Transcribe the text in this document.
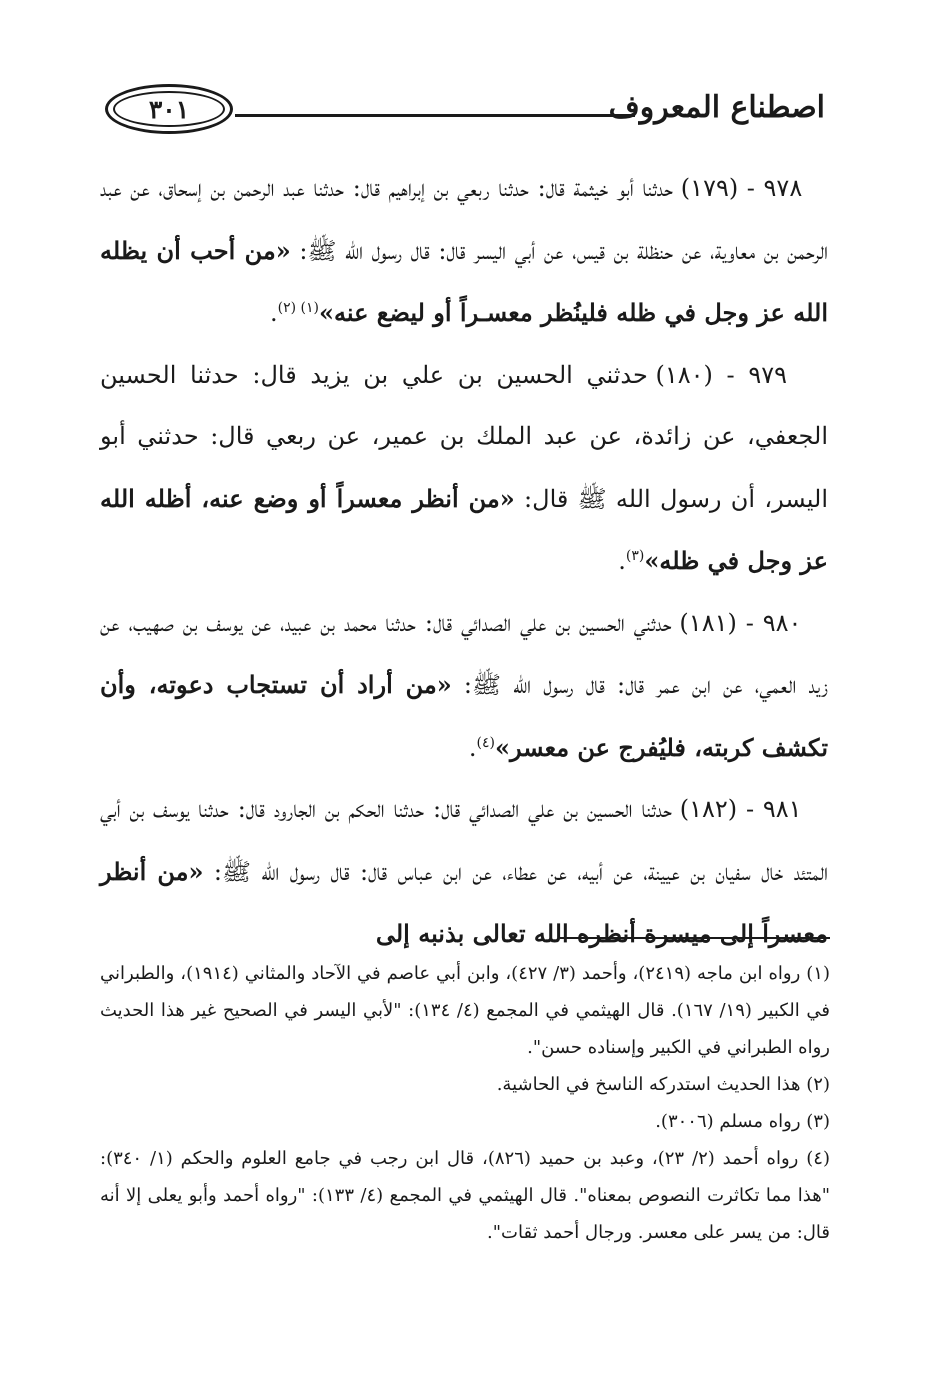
اصطناع المعروف
٣٠١

٩٧٨ - (١٧٩) حدثنا أبو خيثمة قال: حدثنا ربعي بن إبراهيم قال: حدثنا عبد الرحمن بن إسحاق، عن عبد الرحمن بن معاوية، عن حنظلة بن قيس، عن أبي اليسر قال: قال رسول الله ﷺ: «من أحب أن يظله الله عز وجل في ظله فلينُظر معسـراً أو ليضع عنه»$^{(١) (٢)}$.

٩٧٩ - (١٨٠) حدثني الحسين بن علي بن يزيد قال: حدثنا الحسين الجعفي، عن زائدة، عن عبد الملك بن عمير، عن ربعي قال: حدثني أبو اليسر، أن رسول الله ﷺ قال: «من أنظر معسراً أو وضع عنه، أظله الله عز وجل في ظله»$^{(٣)}$.

٩٨٠ - (١٨١) حدثني الحسين بن علي الصدائي قال: حدثنا محمد بن عبيد، عن يوسف بن صهيب، عن زيد العمي، عن ابن عمر قال: قال رسول الله ﷺ: «من أراد أن تستجاب دعوته، وأن تكشف كربته، فليُفرج عن معسر»$^{(٤)}$.

٩٨١ - (١٨٢) حدثنا الحسين بن علي الصدائي قال: حدثنا الحكم بن الجارود قال: حدثنا يوسف بن أبي المتئد خال سفيان بن عيينة، عن أبيه، عن عطاء، عن ابن عباس قال: قال رسول الله ﷺ: «من أنظر معسراً إلى ميسرة أنظره الله تعالى بذنبه إلى

(١) رواه ابن ماجه (٢٤١٩)، وأحمد (٣/ ٤٢٧)، وابن أبي عاصم في الآحاد والمثاني (١٩١٤)، والطبراني في الكبير (١٩/ ١٦٧). قال الهيثمي في المجمع (٤/ ١٣٤): "لأبي اليسر في الصحيح غير هذا الحديث رواه الطبراني في الكبير وإسناده حسن".

(٢) هذا الحديث استدركه الناسخ في الحاشية.

(٣) رواه مسلم (٣٠٠٦).

(٤) رواه أحمد (٢/ ٢٣)، وعبد بن حميد (٨٢٦)، قال ابن رجب في جامع العلوم والحكم (١/ ٣٤٠): "هذا مما تكاثرت النصوص بمعناه". قال الهيثمي في المجمع (٤/ ١٣٣): "رواه أحمد وأبو يعلى إلا أنه قال: من يسر على معسر. ورجال أحمد ثقات".
